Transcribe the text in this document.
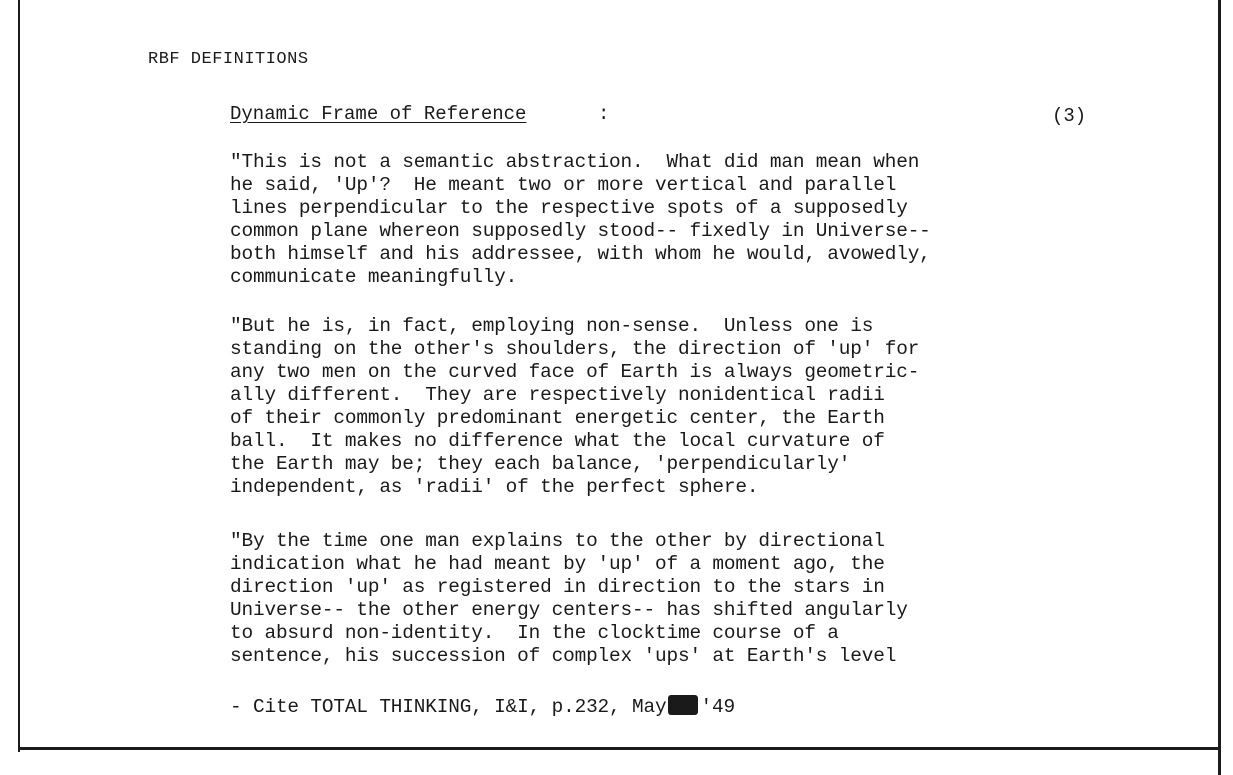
RBF DEFINITIONS
Dynamic Frame of Reference	:	(3)

"This is not a semantic abstraction.  What did man mean when
he said, 'Up'?  He meant two or more vertical and parallel
lines perpendicular to the respective spots of a supposedly
common plane whereon supposedly stood-- fixedly in Universe--
both himself and his addressee, with whom he would, avowedly,
communicate meaningfully.

"But he is, in fact, employing non-sense.  Unless one is
standing on the other's shoulders, the direction of 'up' for
any two men on the curved face of Earth is always geometric-
ally different.  They are respectively nonidentical radii
of their commonly predominant energetic center, the Earth
ball.  It makes no difference what the local curvature of
the Earth may be; they each balance, 'perpendicularly'
independent, as 'radii' of the perfect sphere.

"By the time one man explains to the other by directional
indication what he had meant by 'up' of a moment ago, the
direction 'up' as registered in direction to the stars in
Universe-- the other energy centers-- has shifted angularly
to absurd non-identity.  In the clocktime course of a
sentence, his succession of complex 'ups' at Earth's level

- Cite TOTAL THINKING, I&I, p.232, May '49
